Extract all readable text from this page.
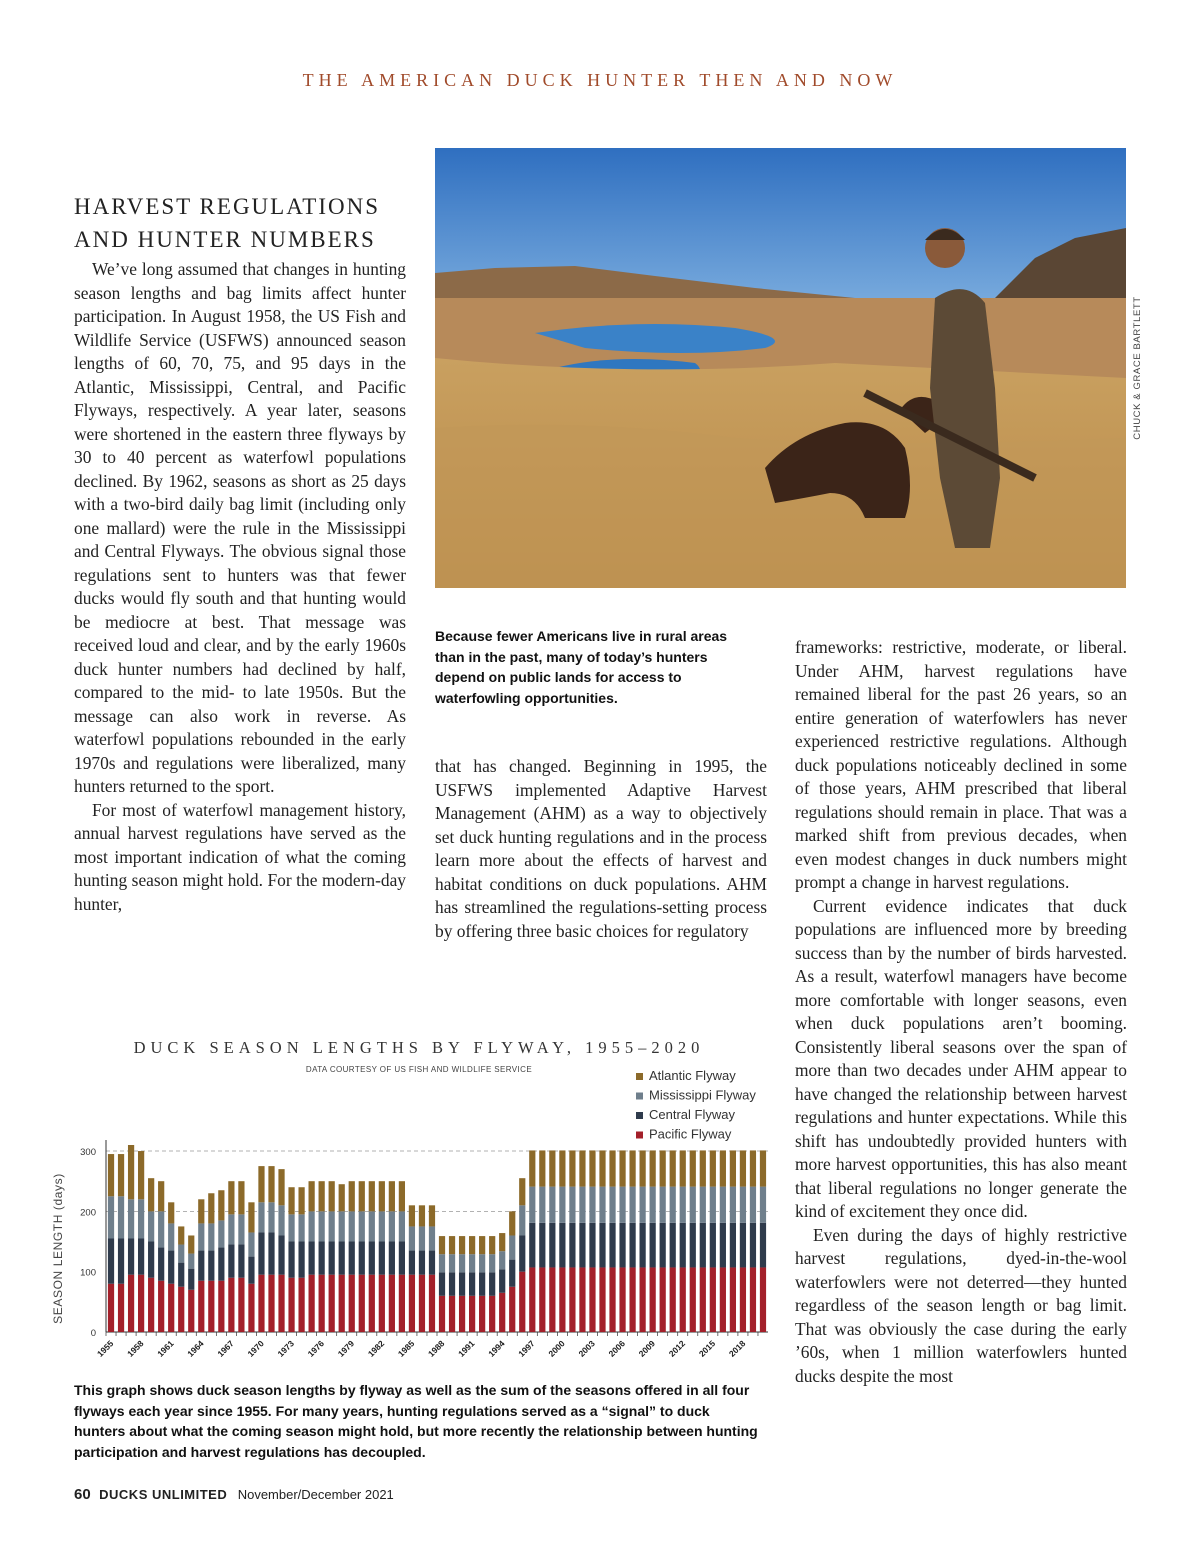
THE AMERICAN DUCK HUNTER THEN AND NOW
HARVEST REGULATIONS
AND HUNTER NUMBERS

We’ve long assumed that changes in hunting season lengths and bag limits affect hunter participation. In August 1958, the US Fish and Wildlife Service (USFWS) announced season lengths of 60, 70, 75, and 95 days in the Atlantic, Mississippi, Central, and Pacific Flyways, respectively. A year later, seasons were shortened in the eastern three flyways by 30 to 40 percent as waterfowl populations declined. By 1962, seasons as short as 25 days with a two-bird daily bag limit (including only one mallard) were the rule in the Mississippi and Central Flyways. The obvious signal those regulations sent to hunters was that fewer ducks would fly south and that hunting would be mediocre at best. That message was received loud and clear, and by the early 1960s duck hunter numbers had declined by half, compared to the mid- to late 1950s. But the message can also work in reverse. As waterfowl populations rebounded in the early 1970s and regulations were liberalized, many hunters returned to the sport.

For most of waterfowl management history, annual harvest regulations have served as the most important indication of what the coming hunting season might hold. For the modern-day hunter,

CHUCK & GRACE BARTLETT
Because fewer Americans live in rural areas than in the past, many of today’s hunters depend on public lands for access to waterfowling opportunities.

that has changed. Beginning in 1995, the USFWS implemented Adaptive Harvest Management (AHM) as a way to objectively set duck hunting regulations and in the process learn more about the effects of harvest and habitat conditions on duck populations. AHM has streamlined the regulations-setting process by offering three basic choices for regulatory

frameworks: restrictive, moderate, or liberal. Under AHM, harvest regulations have remained liberal for the past 26 years, so an entire generation of waterfowlers has never experienced restrictive regulations. Although duck populations noticeably declined in some of those years, AHM prescribed that liberal regulations should remain in place. That was a marked shift from previous decades, when even modest changes in duck numbers might prompt a change in harvest regulations.

Current evidence indicates that duck populations are influenced more by breeding success than by the number of birds harvested. As a result, waterfowl managers have become more comfortable with longer seasons, even when duck populations aren’t booming. Consistently liberal seasons over the span of more than two decades under AHM appear to have changed the relationship between harvest regulations and hunter expectations. While this shift has undoubtedly provided hunters with more harvest opportunities, this has also meant that liberal regulations no longer generate the kind of excitement they once did.

Even during the days of highly restrictive harvest regulations, dyed-in-the-wool waterfowlers were not deterred—they hunted regardless of the season length or bag limit. That was obviously the case during the early ’60s, when 1 million waterfowlers hunted ducks despite the most

DUCK SEASON LENGTHS BY FLYWAY, 1955–2020
DATA COURTESY OF US FISH AND WILDLIFE SERVICE
SEASON LENGTH (days)
0
100
200
300
1955 1958 1961 1964 1967 1970 1973 1976 1979 1982 1985 1988 1991 1994 1997 2000 2003 2006 2009 2012 2015 2018
Atlantic Flyway
Mississippi Flyway
Central Flyway
Pacific Flyway
This graph shows duck season lengths by flyway as well as the sum of the seasons offered in all four flyways each year since 1955. For many years, hunting regulations served as a “signal” to duck hunters about what the coming season might hold, but more recently the relationship between hunting participation and harvest regulations has decoupled.
60 DUCKS UNLIMITED November/December 2021
